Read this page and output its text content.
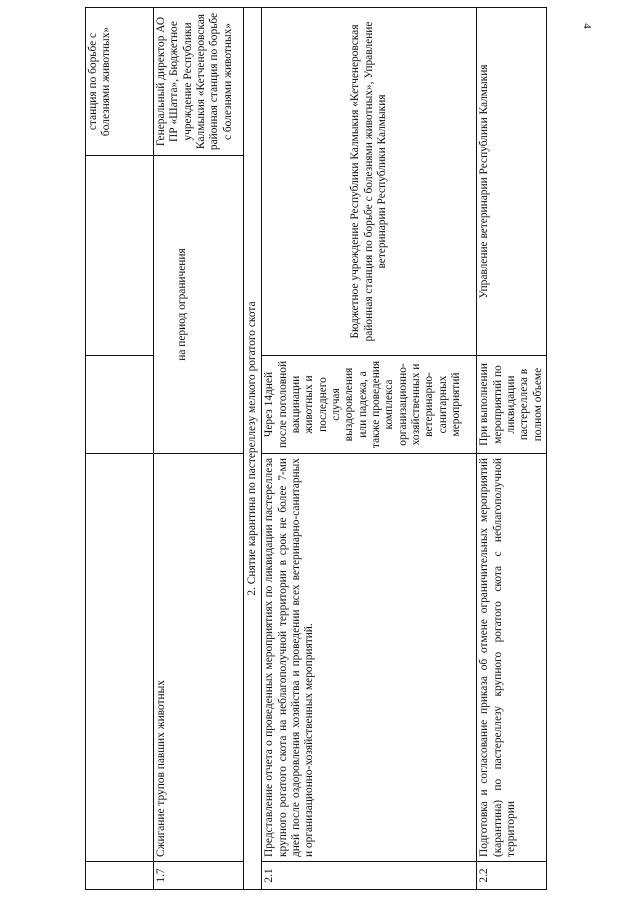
4
				станция по борьбе с болезнями животных»
1.7	Сжигание трупов павших животных	на период ограничения		Генеральный директор АО ПР «Шатта», Бюджетное учреждение Республики Калмыкия «Кетченеровская районная станция по борьбе с болезнями животных»
2. Снятие карантина по пастереллезу мелкого рогатого скота				
2.1	Представление отчета о проведенных мероприятиях по ликвидации пастереллеза крупного рогатого скота на неблагополучной территории в срок не более 7-ми дней после оздоровления хозяйства и проведении всех ветеринарно-санитарных и организационно-хозяйственных мероприятий.	Через 14дней после поголовной вакцинации животных и последнего случая выздоровления или падежа, а также проведения комплекса организационно-хозяйственных и ветеринарно-санитарных мероприятий	Бюджетное учреждение Республики Калмыкия «Кетченеровская районная станция по борьбе с болезнями животных», Управление ветеринарии Республики Калмыкия	
2.2	Подготовка и согласование приказа об отмене ограничительных мероприятий (карантина) по пастереллезу крупного рогатого скота с неблагополучной территории	При выполнении мероприятий по ликвидации пастереллеза в полном объеме	Управление ветеринарии Республики Калмыкия	
